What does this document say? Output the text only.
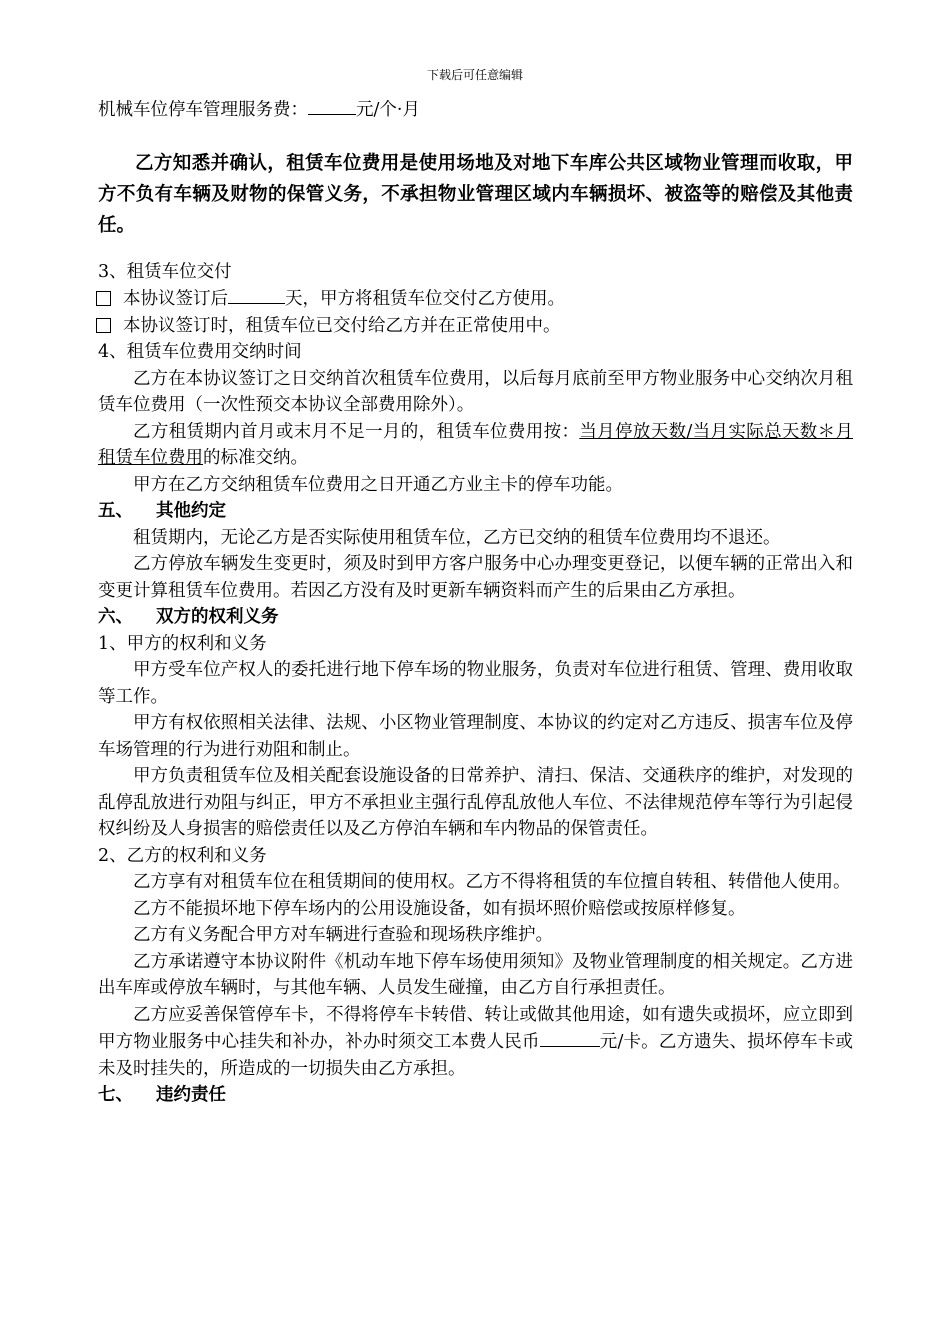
下载后可任意编辑

机械车位停车管理服务费：	元/个·月

乙方知悉并确认，租赁车位费用是使用场地及对地下车库公共区域物业管理而收取，甲方不负有车辆及财物的保管义务，不承担物业管理区域内车辆损坏、被盗等的赔偿及其他责任。

3、租赁车位交付

本协议签订后	天，甲方将租赁车位交付乙方使用。

本协议签订时，租赁车位已交付给乙方并在正常使用中。

4、租赁车位费用交纳时间

乙方在本协议签订之日交纳首次租赁车位费用，以后每月底前至甲方物业服务中心交纳次月租赁车位费用（一次性预交本协议全部费用除外）。

乙方租赁期内首月或末月不足一月的，租赁车位费用按：当月停放天数/当月实际总天数＊月租赁车位费用的标准交纳。

甲方在乙方交纳租赁车位费用之日开通乙方业主卡的停车功能。

五、 其他约定

租赁期内，无论乙方是否实际使用租赁车位，乙方已交纳的租赁车位费用均不退还。

乙方停放车辆发生变更时，须及时到甲方客户服务中心办理变更登记，以便车辆的正常出入和变更计算租赁车位费用。若因乙方没有及时更新车辆资料而产生的后果由乙方承担。

六、 双方的权利义务

1、甲方的权利和义务

甲方受车位产权人的委托进行地下停车场的物业服务，负责对车位进行租赁、管理、费用收取等工作。

甲方有权依照相关法律、法规、小区物业管理制度、本协议的约定对乙方违反、损害车位及停车场管理的行为进行劝阻和制止。

甲方负责租赁车位及相关配套设施设备的日常养护、清扫、保洁、交通秩序的维护，对发现的乱停乱放进行劝阻与纠正，甲方不承担业主强行乱停乱放他人车位、不法律规范停车等行为引起侵权纠纷及人身损害的赔偿责任以及乙方停泊车辆和车内物品的保管责任。

2、乙方的权利和义务

乙方享有对租赁车位在租赁期间的使用权。乙方不得将租赁的车位擅自转租、转借他人使用。

乙方不能损坏地下停车场内的公用设施设备，如有损坏照价赔偿或按原样修复。

乙方有义务配合甲方对车辆进行查验和现场秩序维护。

乙方承诺遵守本协议附件《机动车地下停车场使用须知》及物业管理制度的相关规定。乙方进出车库或停放车辆时，与其他车辆、人员发生碰撞，由乙方自行承担责任。

乙方应妥善保管停车卡，不得将停车卡转借、转让或做其他用途，如有遗失或损坏，应立即到甲方物业服务中心挂失和补办，补办时须交工本费人民币	元/卡。乙方遗失、损坏停车卡或未及时挂失的，所造成的一切损失由乙方承担。

七、 违约责任
